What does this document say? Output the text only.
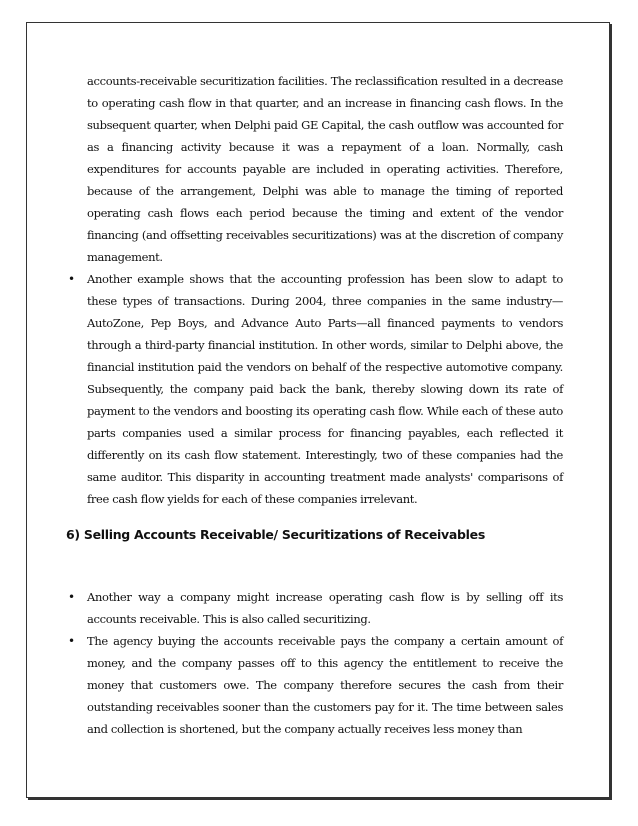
accounts-receivable securitization facilities. The reclassification resulted in a decrease to operating cash flow in that quarter, and an increase in financing cash flows. In the subsequent quarter, when Delphi paid GE Capital, the cash outflow was accounted for as a financing activity because it was a repayment of a loan. Normally, cash expenditures for accounts payable are included in operating activities. Therefore, because of the arrangement, Delphi was able to manage the timing of reported operating cash flows each period because the timing and extent of the vendor financing (and offsetting receivables securitizations) was at the discretion of company management.

• Another example shows that the accounting profession has been slow to adapt to these types of transactions. During 2004, three companies in the same industry—AutoZone, Pep Boys, and Advance Auto Parts—all financed payments to vendors through a third-party financial institution. In other words, similar to Delphi above, the financial institution paid the vendors on behalf of the respective automotive company. Subsequently, the company paid back the bank, thereby slowing down its rate of payment to the vendors and boosting its operating cash flow. While each of these auto parts companies used a similar process for financing payables, each reflected it differently on its cash flow statement. Interestingly, two of these companies had the same auditor. This disparity in accounting treatment made analysts' comparisons of free cash flow yields for each of these companies irrelevant.

6) Selling Accounts Receivable/ Securitizations of Receivables
• Another way a company might increase operating cash flow is by selling off its accounts receivable. This is also called securitizing.

• The agency buying the accounts receivable pays the company a certain amount of money, and the company passes off to this agency the entitlement to receive the money that customers owe. The company therefore secures the cash from their outstanding receivables sooner than the customers pay for it. The time between sales and collection is shortened, but the company actually receives less money than
